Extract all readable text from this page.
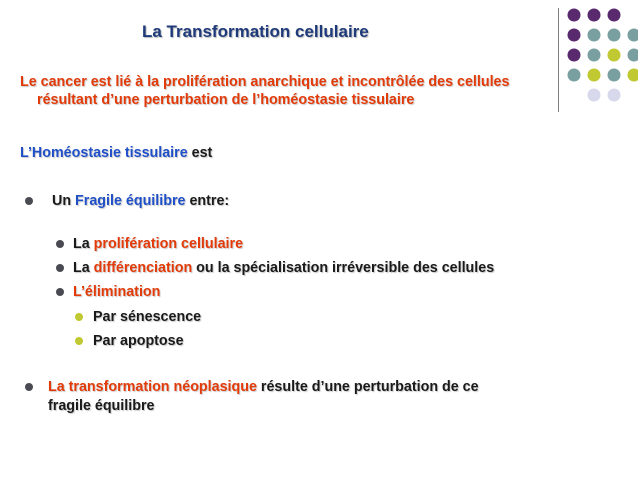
La Transformation cellulaire
Le cancer est lié à la prolifération anarchique et incontrôlée des cellules
résultant d’une perturbation de l’homéostasie tissulaire
L’Homéostasie tissulaire est
Un Fragile équilibre entre:
La prolifération cellulaire
La différenciation ou la spécialisation irréversible des cellules
L’élimination
Par sénescence
Par apoptose
La transformation néoplasique résulte d’une perturbation de ce
fragile équilibre
